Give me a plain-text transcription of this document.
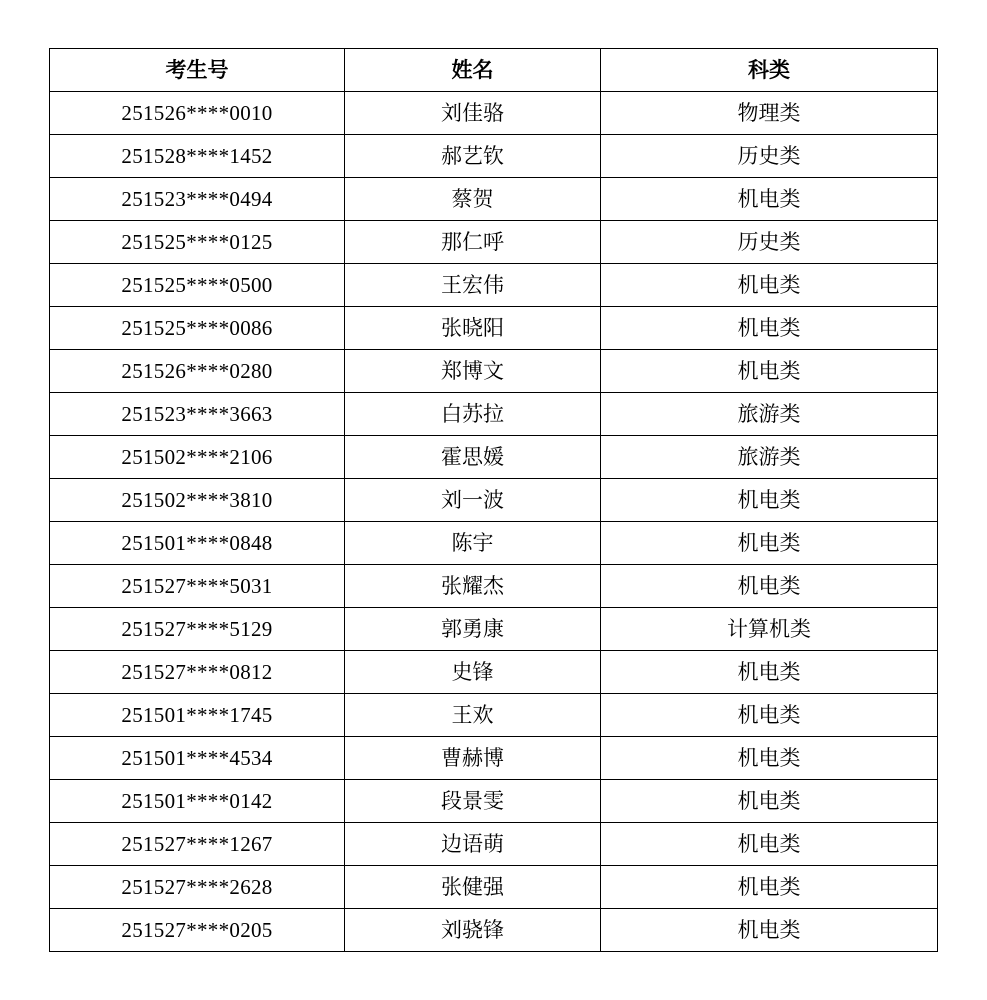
考生号	姓名	科类
251526****0010	刘佳骆	物理类
251528****1452	郝艺钦	历史类
251523****0494	蔡贺	机电类
251525****0125	那仁呼	历史类
251525****0500	王宏伟	机电类
251525****0086	张晓阳	机电类
251526****0280	郑博文	机电类
251523****3663	白苏拉	旅游类
251502****2106	霍思媛	旅游类
251502****3810	刘一波	机电类
251501****0848	陈宇	机电类
251527****5031	张耀杰	机电类
251527****5129	郭勇康	计算机类
251527****0812	史锋	机电类
251501****1745	王欢	机电类
251501****4534	曹赫博	机电类
251501****0142	段景雯	机电类
251527****1267	边语萌	机电类
251527****2628	张健强	机电类
251527****0205	刘骁锋	机电类
